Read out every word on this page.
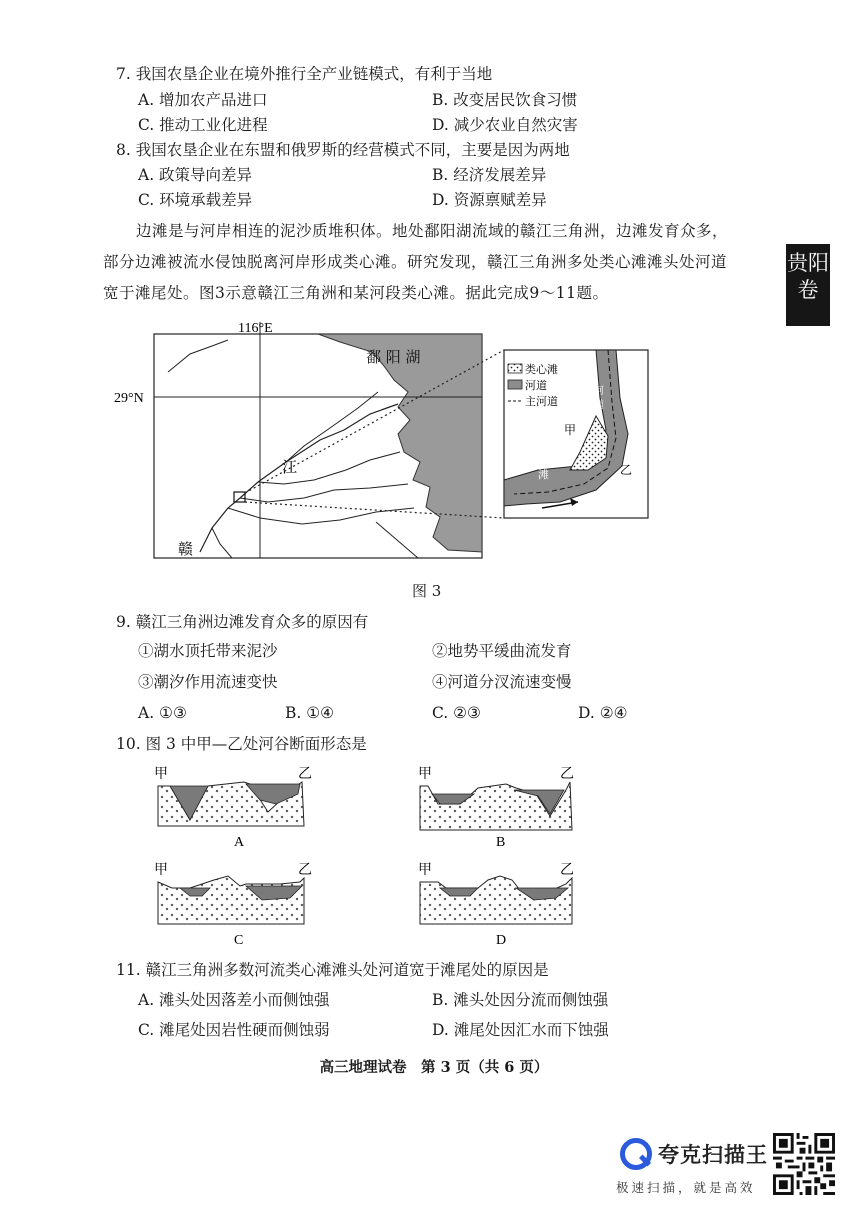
7. 我国农垦企业在境外推行全产业链模式，有利于当地
A. 增加农产品进口	B. 改变居民饮食习惯
C. 推动工业化进程	D. 减少农业自然灾害
8. 我国农垦企业在东盟和俄罗斯的经营模式不同，主要是因为两地
A. 政策导向差异	B. 经济发展差异
C. 环境承载差异	D. 资源禀赋差异
边滩是与河岸相连的泥沙质堆积体。地处鄱阳湖流域的赣江三角洲，边滩发育众多，
部分边滩被流水侵蚀脱离河岸形成类心滩。研究发现，赣江三角洲多处类心滩滩头处河道
宽于滩尾处。图3示意赣江三角洲和某河段类心滩。据此完成9～11题。
贵阳
卷
116°E
29°N
鄱 阳 湖
江
赣
甲
乙
滩
河
道
类心滩
河道
主河道
图 3
9. 赣江三角洲边滩发育众多的原因有
①湖水顶托带来泥沙	②地势平缓曲流发育
③潮汐作用流速变快	④河道分汊流速变慢
A. ①③	B. ①④	C. ②③	D. ②④
10. 图 3 中甲—乙处河谷断面形态是
甲	乙
A
甲	乙
B
甲	乙
C
甲	乙
D
11. 赣江三角洲多数河流类心滩滩头处河道宽于滩尾处的原因是
A. 滩头处因落差小而侧蚀强	B. 滩头处因分流而侧蚀强
C. 滩尾处因岩性硬而侧蚀弱	D. 滩尾处因汇水而下蚀强
高三地理试卷　第 3 页（共 6 页）
夸克扫描王
极速扫描，就是高效
